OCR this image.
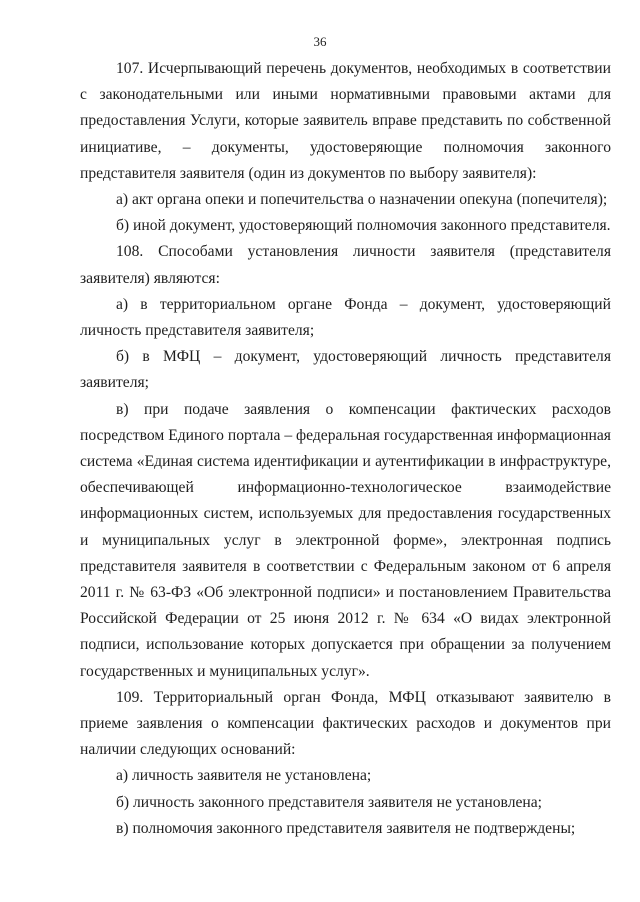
36

107. Исчерпывающий перечень документов, необходимых в соответствии с законодательными или иными нормативными правовыми актами для предоставления Услуги, которые заявитель вправе представить по собственной инициативе, – документы, удостоверяющие полномочия законного представителя заявителя (один из документов по выбору заявителя):

а) акт органа опеки и попечительства о назначении опекуна (попечителя);

б) иной документ, удостоверяющий полномочия законного представителя.

108. Способами установления личности заявителя (представителя заявителя) являются:

а) в территориальном органе Фонда – документ, удостоверяющий личность представителя заявителя;

б) в МФЦ – документ, удостоверяющий личность представителя заявителя;

в) при подаче заявления о компенсации фактических расходов посредством Единого портала – федеральная государственная информационная система «Единая система идентификации и аутентификации в инфраструктуре, обеспечивающей информационно-технологическое взаимодействие информационных систем, используемых для предоставления государственных и муниципальных услуг в электронной форме», электронная подпись представителя заявителя в соответствии с Федеральным законом от 6 апреля 2011 г. № 63-ФЗ «Об электронной подписи» и постановлением Правительства Российской Федерации от 25 июня 2012 г. № 634 «О видах электронной подписи, использование которых допускается при обращении за получением государственных и муниципальных услуг».

109. Территориальный орган Фонда, МФЦ отказывают заявителю в приеме заявления о компенсации фактических расходов и документов при наличии следующих оснований:

а) личность заявителя не установлена;

б) личность законного представителя заявителя не установлена;

в) полномочия законного представителя заявителя не подтверждены;
